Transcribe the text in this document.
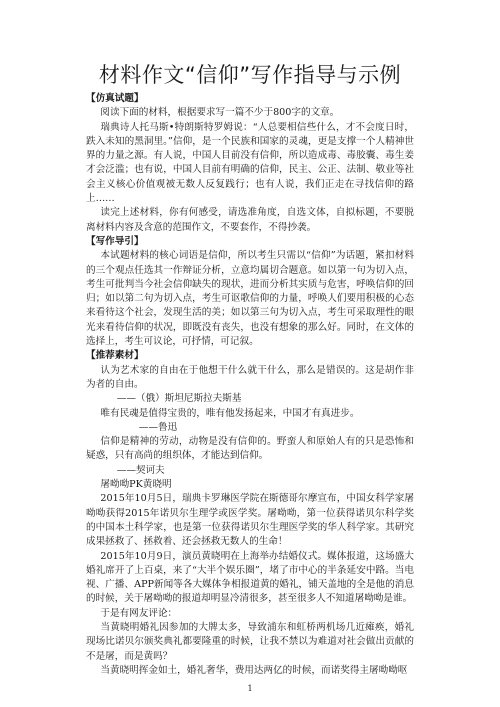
材料作文“信仰”写作指导与示例

【仿真试题】

阅读下面的材料，根据要求写一篇不少于800字的文章。

瑞典诗人托马斯•特朗斯特罗姆说：“人总要相信些什么，才不会度日时，跌入未知的黑洞里。”信仰，是一个民族和国家的灵魂，更是支撑一个人精神世界的力量之源。有人说，中国人目前没有信仰，所以造成毒、毒胶囊、毒生姜才会泛滥；也有说，中国人目前有明确的信仰，民主、公正、法制、敬业等社会主义核心价值观被无数人反复践行；也有人说，我们正走在寻找信仰的路上……

读完上述材料，你有何感受，请选准角度，自选文体，自拟标题，不要脱离材料内容及含意的范围作文，不要套作，不得抄袭。

【写作导引】

本试题材料的核心词语是信仰，所以考生只需以“信仰”为话题，紧扣材料的三个观点任选其一作辩证分析，立意均属切合题意。如以第一句为切入点，考生可批判当今社会信仰缺失的现状，进而分析其实质与危害，呼唤信仰的回归；如以第二句为切入点，考生可讴歌信仰的力量，呼唤人们要用积极的心态来看待这个社会，发现生活的美；如以第三句为切入点，考生可采取理性的眼光来看待信仰的状况，即既没有丧失，也没有想象的那么好。同时，在文体的选择上，考生可议论，可抒情，可记叙。

【推荐素材】

认为艺术家的自由在于他想干什么就干什么，那么是错误的。这是胡作非为者的自由。

——（俄）斯坦尼斯拉夫斯基

唯有民魂是值得宝贵的，唯有他发扬起来，中国才有真进步。

——鲁迅

信仰是精神的劳动，动物是没有信仰的。野蛮人和原始人有的只是恐怖和疑惑，只有高尚的组织体，才能达到信仰。

——契诃夫

屠呦呦PK黄晓明

2015年10月5日，瑞典卡罗琳医学院在斯德哥尔摩宣布，中国女科学家屠呦呦获得2015年诺贝尔生理学或医学奖。屠呦呦，第一位获得诺贝尔科学奖的中国本土科学家，也是第一位获得诺贝尔生理医学奖的华人科学家。其研究成果拯救了、拯救着、还会拯救无数人的生命！

2015年10月9日，演员黄晓明在上海举办结婚仪式。媒体报道，这场盛大婚礼席开了上百桌，来了“大半个娱乐圈”，堵了市中心的半条延安中路。当电视、广播、APP新闻等各大媒体争相报道黄的婚礼，铺天盖地的全是他的消息的时候，关于屠呦呦的报道却明显冷清很多，甚至很多人不知道屠呦呦是谁。

于是有网友评论：

当黄晓明婚礼因参加的大牌太多，导致浦东和虹桥两机场几近瘫痪，婚礼现场比诺贝尔颁奖典礼都要隆重的时候，让我不禁以为难道对社会做出贡献的不是屠，而是黄吗？

当黄晓明挥金如土，婚礼奢华，费用达两亿的时候，而诺奖得主屠呦呦呕

1
